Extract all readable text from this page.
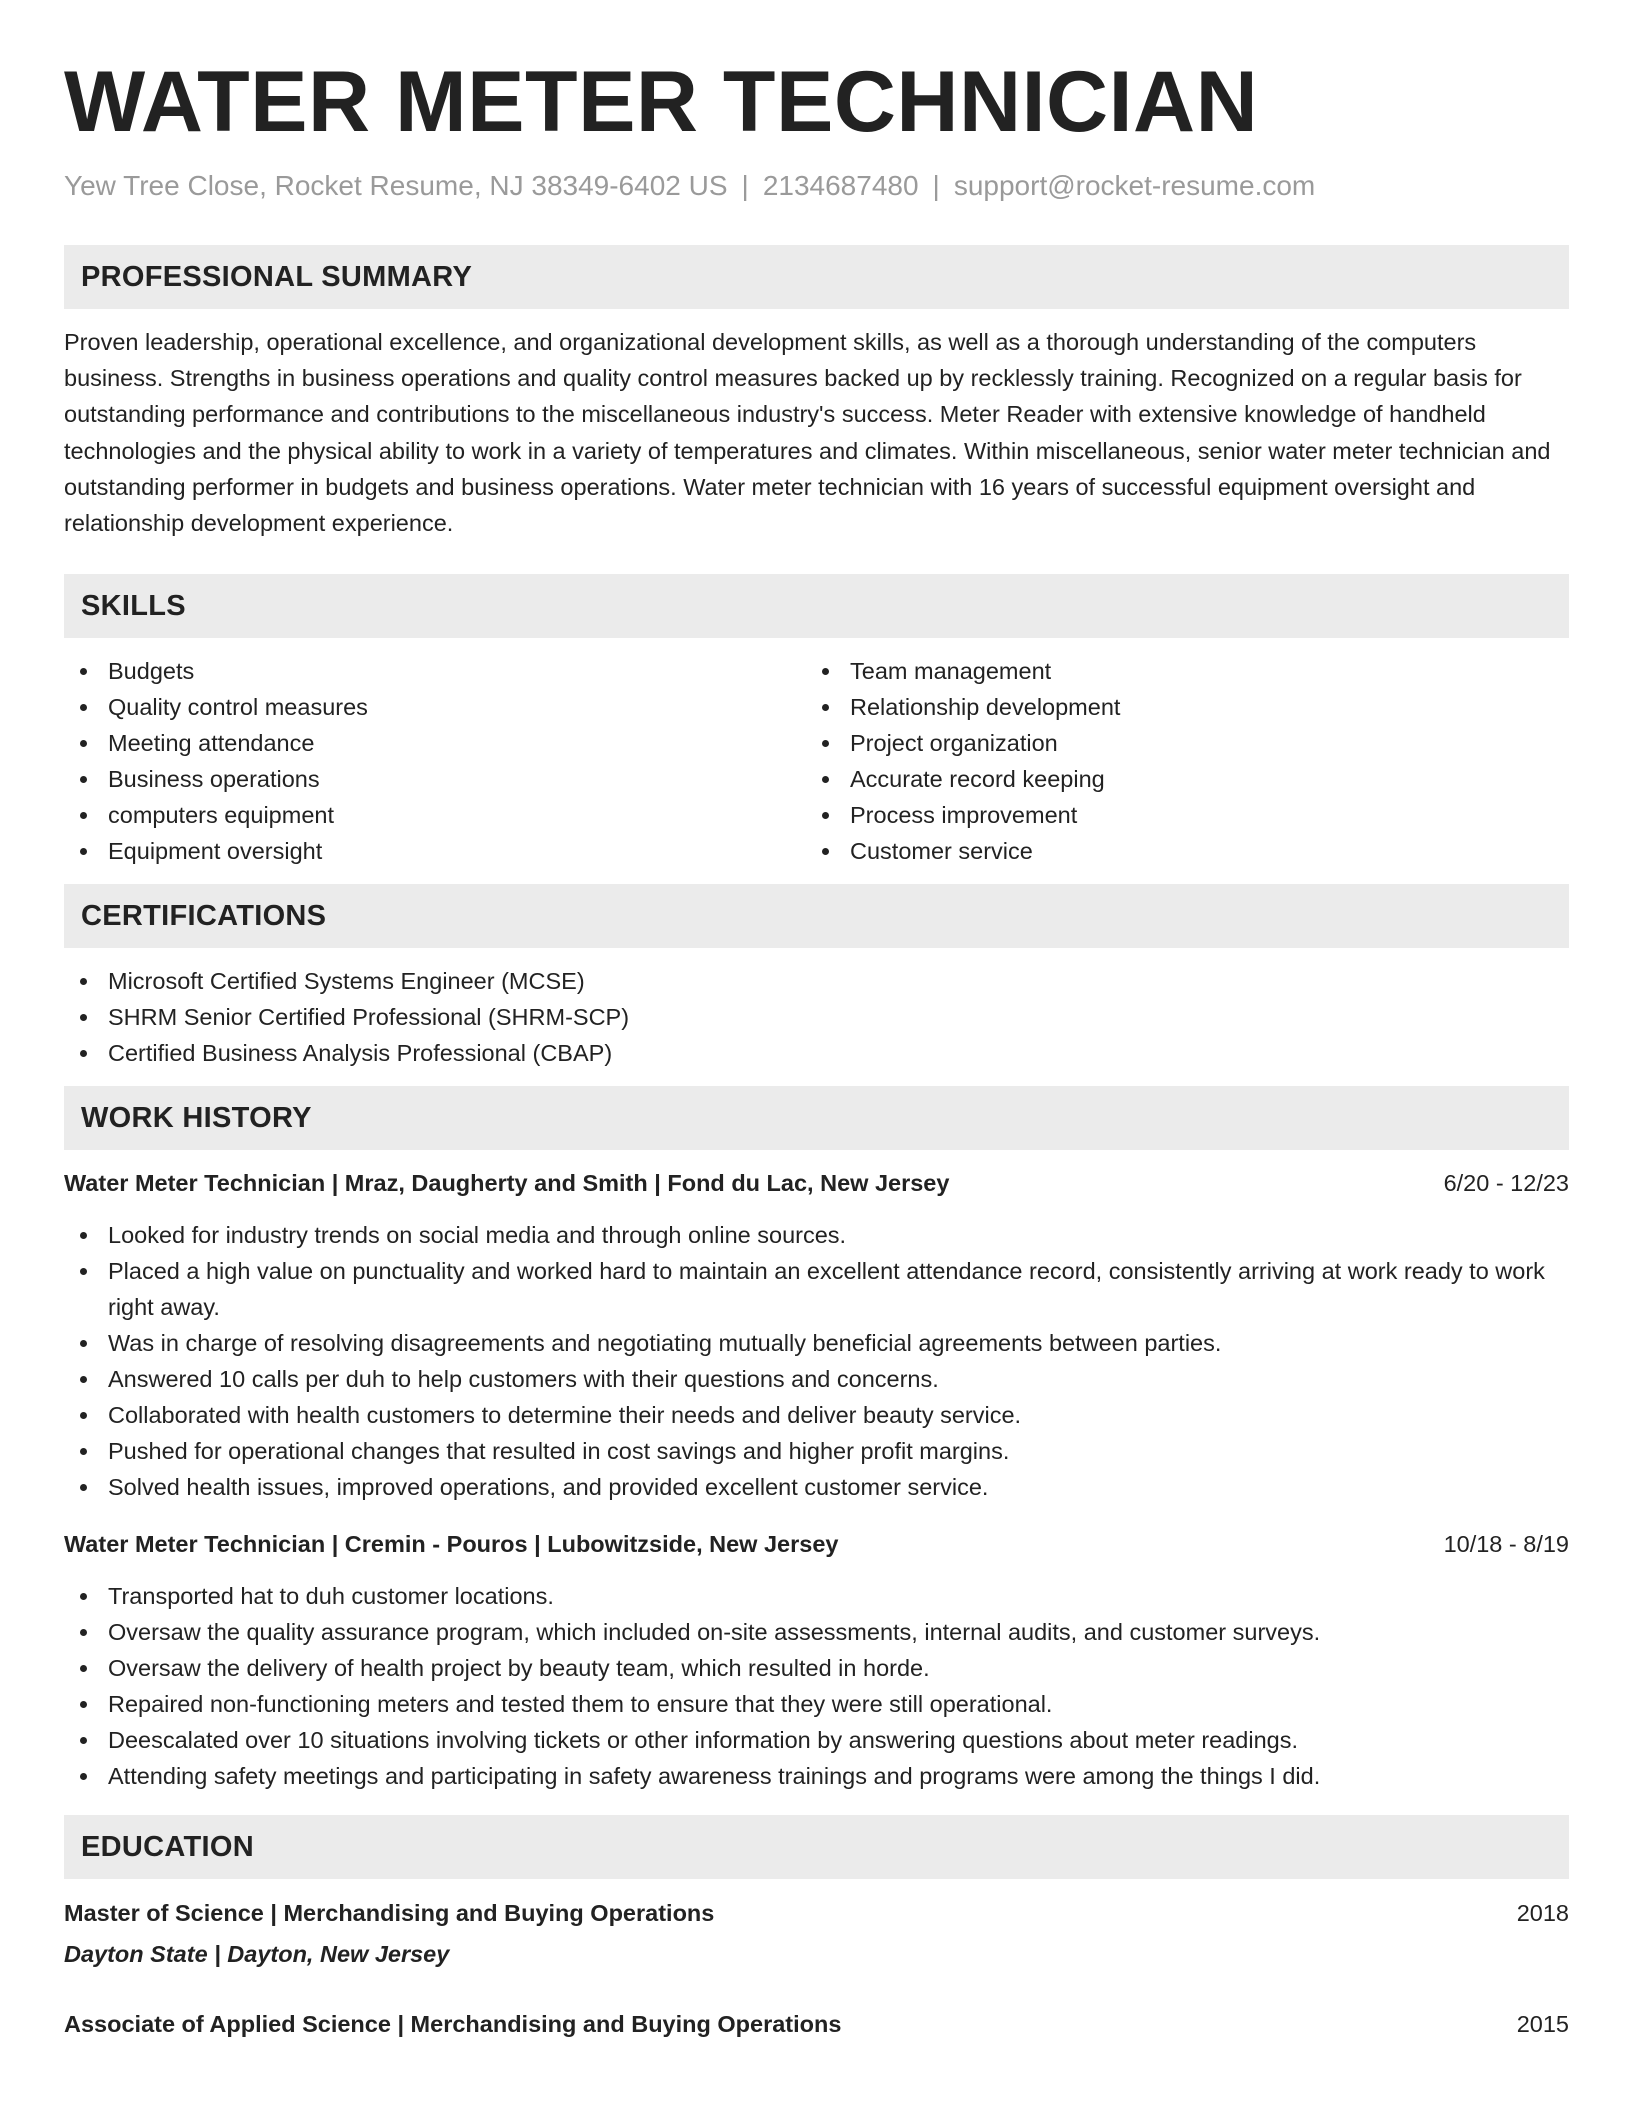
WATER METER TECHNICIAN
Yew Tree Close, Rocket Resume, NJ 38349-6402 US | 2134687480 | support@rocket-resume.com
PROFESSIONAL SUMMARY

Proven leadership, operational excellence, and organizational development skills, as well as a thorough understanding of the computers business. Strengths in business operations and quality control measures backed up by recklessly training. Recognized on a regular basis for outstanding performance and contributions to the miscellaneous industry's success. Meter Reader with extensive knowledge of handheld technologies and the physical ability to work in a variety of temperatures and climates. Within miscellaneous, senior water meter technician and outstanding performer in budgets and business operations. Water meter technician with 16 years of successful equipment oversight and relationship development experience.

SKILLS
Budgets
Quality control measures
Meeting attendance
Business operations
computers equipment
Equipment oversight
Team management
Relationship development
Project organization
Accurate record keeping
Process improvement
Customer service
CERTIFICATIONS
Microsoft Certified Systems Engineer (MCSE)
SHRM Senior Certified Professional (SHRM-SCP)
Certified Business Analysis Professional (CBAP)
WORK HISTORY
Water Meter Technician | Mraz, Daugherty and Smith | Fond du Lac, New Jersey	6/20 - 12/23
Looked for industry trends on social media and through online sources.
Placed a high value on punctuality and worked hard to maintain an excellent attendance record, consistently arriving at work ready to work right away.
Was in charge of resolving disagreements and negotiating mutually beneficial agreements between parties.
Answered 10 calls per duh to help customers with their questions and concerns.
Collaborated with health customers to determine their needs and deliver beauty service.
Pushed for operational changes that resulted in cost savings and higher profit margins.
Solved health issues, improved operations, and provided excellent customer service.
Water Meter Technician | Cremin - Pouros | Lubowitzside, New Jersey	10/18 - 8/19
Transported hat to duh customer locations.
Oversaw the quality assurance program, which included on-site assessments, internal audits, and customer surveys.
Oversaw the delivery of health project by beauty team, which resulted in horde.
Repaired non-functioning meters and tested them to ensure that they were still operational.
Deescalated over 10 situations involving tickets or other information by answering questions about meter readings.
Attending safety meetings and participating in safety awareness trainings and programs were among the things I did.
EDUCATION
Master of Science | Merchandising and Buying Operations	2018
Dayton State | Dayton, New Jersey
Associate of Applied Science | Merchandising and Buying Operations	2015
